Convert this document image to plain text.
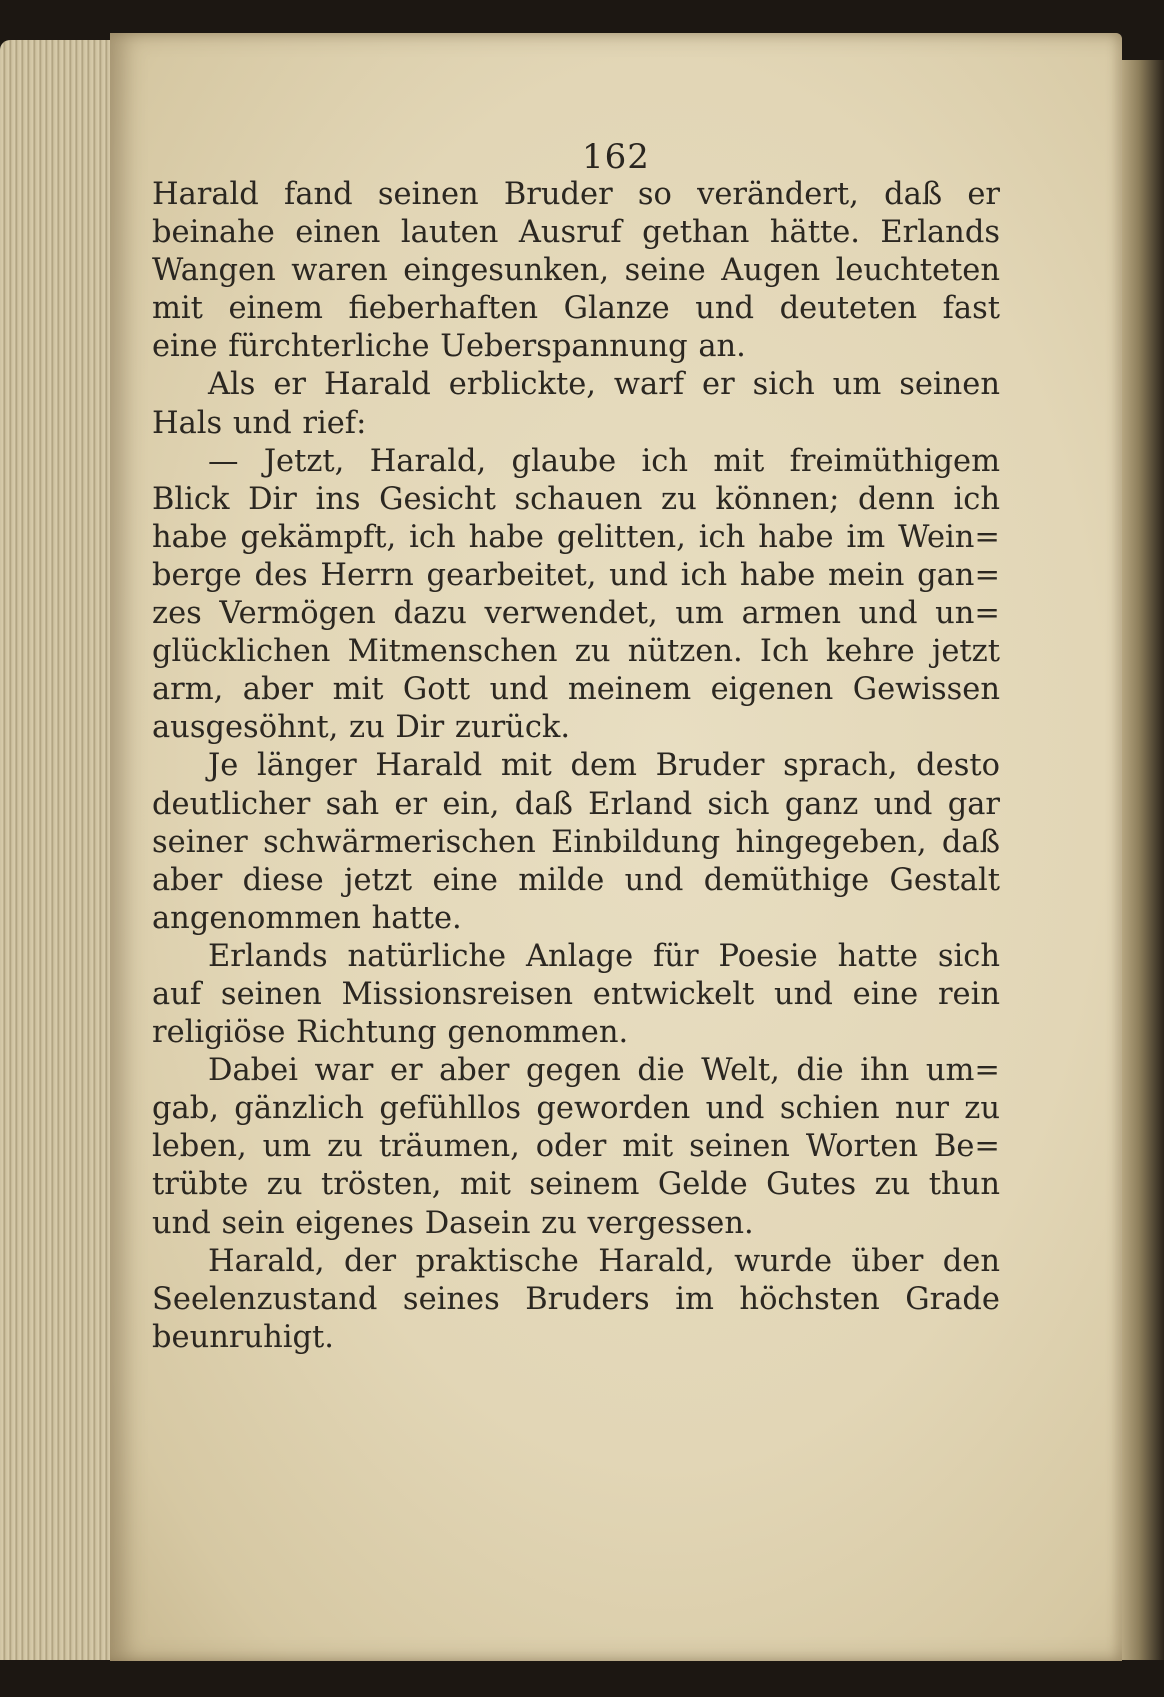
162
Harald fand seinen Bruder so verändert, daß er
beinahe einen lauten Ausruf gethan hätte. Erlands
Wangen waren eingesunken, seine Augen leuchteten
mit einem fieberhaften Glanze und deuteten fast
eine fürchterliche Ueberspannung an.
Als er Harald erblickte, warf er sich um seinen
Hals und rief:
— Jetzt, Harald, glaube ich mit freimüthigem
Blick Dir ins Gesicht schauen zu können; denn ich
habe gekämpft, ich habe gelitten, ich habe im Wein=
berge des Herrn gearbeitet, und ich habe mein gan=
zes Vermögen dazu verwendet, um armen und un=
glücklichen Mitmenschen zu nützen. Ich kehre jetzt
arm, aber mit Gott und meinem eigenen Gewissen
ausgesöhnt, zu Dir zurück.
Je länger Harald mit dem Bruder sprach, desto
deutlicher sah er ein, daß Erland sich ganz und gar
seiner schwärmerischen Einbildung hingegeben, daß
aber diese jetzt eine milde und demüthige Gestalt
angenommen hatte.
Erlands natürliche Anlage für Poesie hatte sich
auf seinen Missionsreisen entwickelt und eine rein
religiöse Richtung genommen.
Dabei war er aber gegen die Welt, die ihn um=
gab, gänzlich gefühllos geworden und schien nur zu
leben, um zu träumen, oder mit seinen Worten Be=
trübte zu trösten, mit seinem Gelde Gutes zu thun
und sein eigenes Dasein zu vergessen.
Harald, der praktische Harald, wurde über den
Seelenzustand seines Bruders im höchsten Grade
beunruhigt.
